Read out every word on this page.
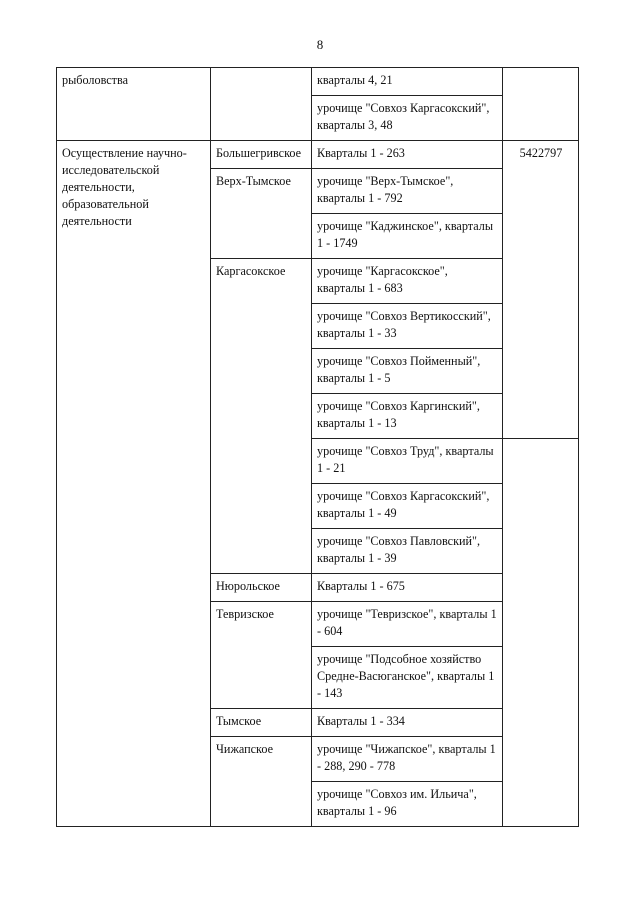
8
рыболовства		кварталы 4, 21	
		урочище "Совхоз Каргасокский", кварталы 3, 48	
Осуществление научно-исследовательской деятельности, образовательной деятельности	Большегривское	Кварталы 1 - 263	5422797
	Верх-Тымское	урочище "Верх-Тымское", кварталы 1 - 792	
		урочище "Каджинское", кварталы 1 - 1749	
	Каргасокское	урочище "Каргасокское", кварталы 1 - 683	
		урочище "Совхоз Вертикосский", кварталы 1 - 33	
		урочище "Совхоз Пойменный", кварталы 1 - 5	
		урочище "Совхоз Каргинский", кварталы 1 - 13	
		урочище "Совхоз Труд", кварталы 1 - 21	
		урочище "Совхоз Каргасокский", кварталы 1 - 49	
		урочище "Совхоз Павловский", кварталы 1 - 39	
	Нюрольское	Кварталы 1 - 675	
	Тевризское	урочище "Тевризское", кварталы 1 - 604	
		урочище "Подсобное хозяйство Средне-Васюганское", кварталы 1 - 143	
	Тымское	Кварталы 1 - 334	
	Чижапское	урочище "Чижапское", кварталы 1 - 288, 290 - 778	
		урочище "Совхоз им. Ильича", кварталы 1 - 96	
